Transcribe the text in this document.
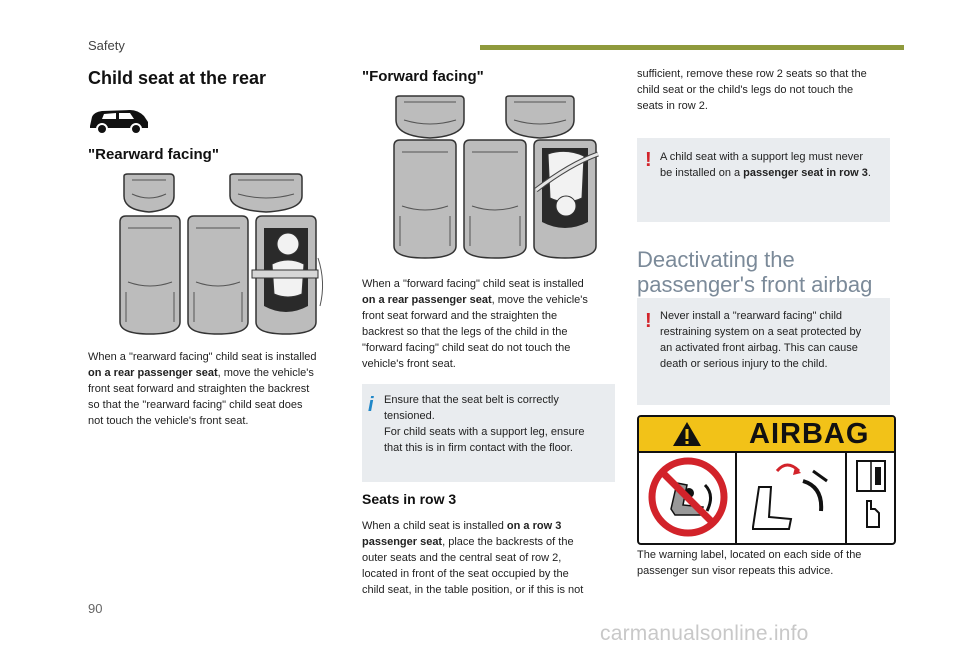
Safety
Child seat at the rear
"Rearward facing"
When a "rearward facing" child seat is installed
on a rear passenger seat, move the vehicle's
front seat forward and straighten the backrest
so that the "rearward facing" child seat does
not touch the vehicle's front seat.
"Forward facing"
When a "forward facing" child seat is installed
on a rear passenger seat, move the vehicle's
front seat forward and the straighten the
backrest so that the legs of the child in the
"forward facing" child seat do not touch the
vehicle's front seat.
i Ensure that the seat belt is correctly
tensioned.
For child seats with a support leg, ensure
that this is in firm contact with the floor.
Seats in row 3
When a child seat is installed on a row 3
passenger seat, place the backrests of the
outer seats and the central seat of row 2,
located in front of the seat occupied by the
child seat, in the table position, or if this is not
sufficient, remove these row 2 seats so that the
child seat or the child's legs do not touch the
seats in row 2.
! A child seat with a support leg must never
be installed on a passenger seat in row 3.
Deactivating the
passenger's front airbag
! Never install a "rearward facing" child
restraining system on a seat protected by
an activated front airbag. This can cause
death or serious injury to the child.
AIRBAG
The warning label, located on each side of the
passenger sun visor repeats this advice.
90
carmanualsonline.info
